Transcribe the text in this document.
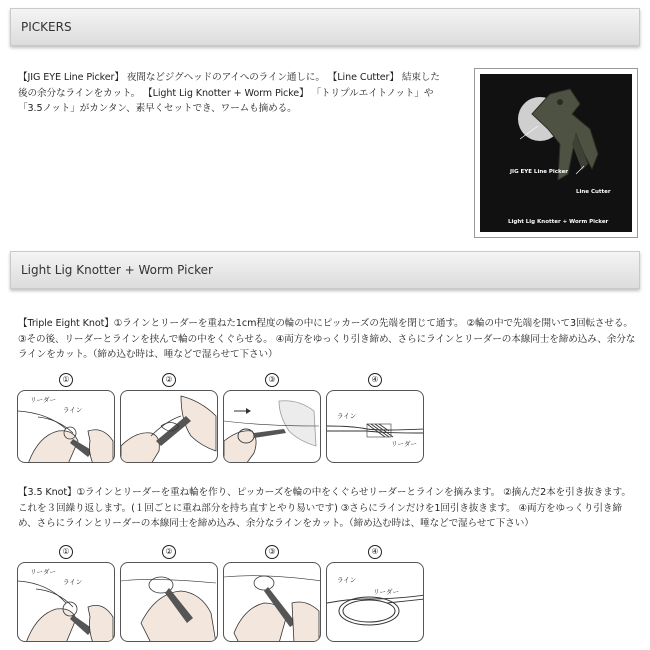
PICKERS
【JIG EYE Line Picker】 夜間などジグヘッドのアイへのライン通しに。 【Line Cutter】 結束した後の余分なラインをカット。 【Light Lig Knotter + Worm Picke】 「トリプルエイトノット」や「3.5ノット」がカンタン、素早くセットでき、ワームも摘める。
JIG EYE Line Picker
Line Cutter
Light Lig Knotter + Worm Picker
Light Lig Knotter + Worm Picker
【Triple Eight Knot】①ラインとリーダーを重ねた1cm程度の輪の中にピッカーズの先端を閉じて通す。 ②輪の中で先端を開いて3回転させる。 ③その後、リーダーとラインを挟んで輪の中をくぐらせる。 ④両方をゆっくり引き締め、さらにラインとリーダーの本線同士を締め込み、余分なラインをカット。（締め込む時は、唾などで湿らせて下さい）
①	②	③	④
リーダー
ライン
ライン
リーダー
【3.5 Knot】①ラインとリーダーを重ね輪を作り、ピッカーズを輪の中をくぐらせリーダーとラインを摘みます。 ②摘んだ2本を引き抜きます。これを３回繰り返します。(１回ごとに重ね部分を持ち直すとやり易いです) ③さらにラインだけを1回引き抜きます。 ④両方をゆっくり引き締め、さらにラインとリーダーの本線同士を締め込み、余分なラインをカット。（締め込む時は、唾などで湿らせて下さい）
①	②	③	④
リーダー
ライン	ライン
リーダー
